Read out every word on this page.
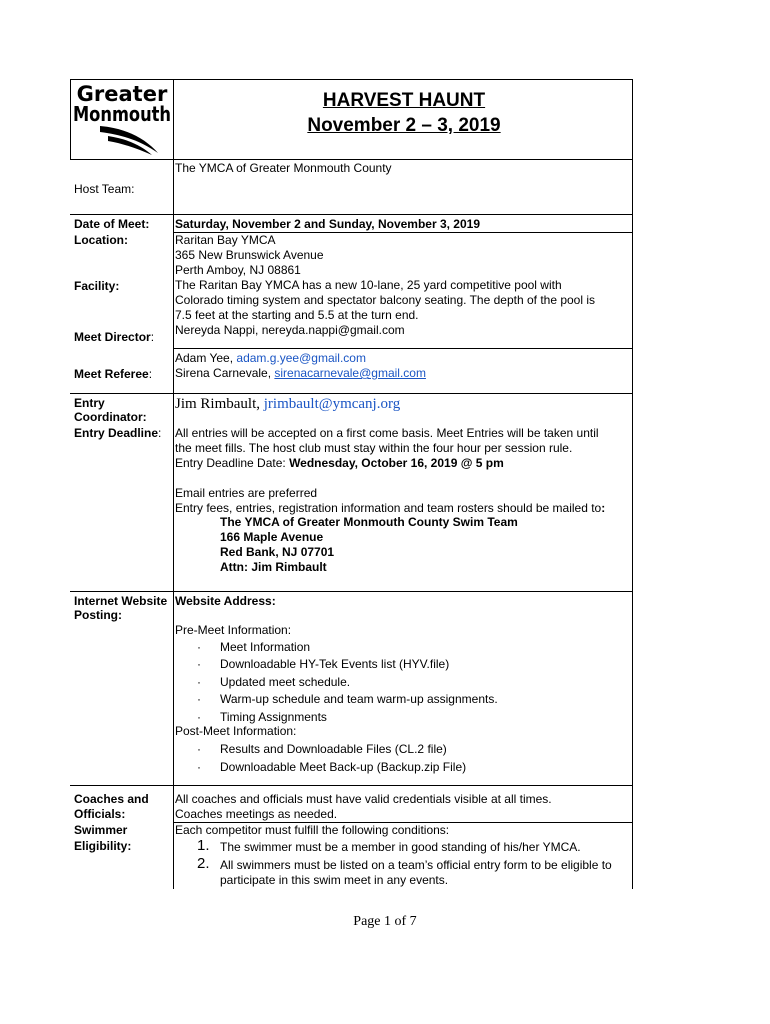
Greater
Monmouth
HARVEST HAUNT
November 2 – 3, 2019
The YMCA of Greater Monmouth County
Host Team:
Date of Meet: Saturday, November 2 and Sunday, November 3, 2019
Location:	Raritan Bay YMCA
365 New Brunswick Avenue
Perth Amboy, NJ 08861
Facility:	The Raritan Bay YMCA has a new 10-lane, 25 yard competitive pool with
Colorado timing system and spectator balcony seating. The depth of the pool is
7.5 feet at the starting and 5.5 at the turn end.
Meet Director: Nereyda Nappi, nereyda.nappi@gmail.com
Meet Referee:
Adam Yee, adam.g.yee@gmail.com
Sirena Carnevale, sirenacarnevale@gmail.com
Entry
Coordinator:
Jim Rimbault, jrimbault@ymcanj.org
Entry Deadline: All entries will be accepted on a first come basis. Meet Entries will be taken until
the meet fills. The host club must stay within the four hour per session rule.
Entry Deadline Date: Wednesday, October 16, 2019 @ 5 pm
Email entries are preferred
Entry fees, entries, registration information and team rosters should be mailed to:
The YMCA of Greater Monmouth County Swim Team
166 Maple Avenue
Red Bank, NJ 07701
Attn: Jim Rimbault
Internet Website
Posting:
Website Address:
Pre-Meet Information:
· Meet Information
· Downloadable HY-Tek Events list (HYV.file)
· Updated meet schedule.
· Warm-up schedule and team warm-up assignments.
· Timing Assignments
Post-Meet Information:
· Results and Downloadable Files (CL.2 file)
· Downloadable Meet Back-up (Backup.zip File)
Coaches and
Officials:
All coaches and officials must have valid credentials visible at all times.
Coaches meetings as needed.
Swimmer
Eligibility:
Each competitor must fulfill the following conditions:
1. The swimmer must be a member in good standing of his/her YMCA.
2. All swimmers must be listed on a team’s official entry form to be eligible to
participate in this swim meet in any events.
Page 1 of 7
